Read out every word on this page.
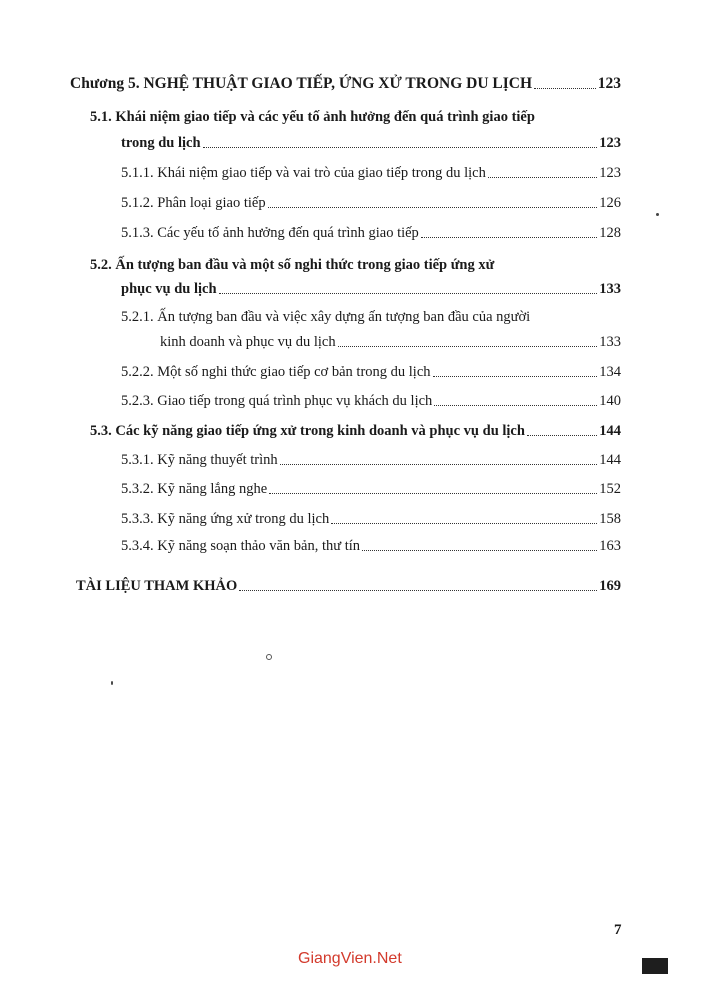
Chương 5. NGHỆ THUẬT GIAO TIẾP, ỨNG XỬ TRONG DU LỊCH	123
5.1. Khái niệm giao tiếp và các yếu tố ảnh hưởng đến quá trình giao tiếp
trong du lịch	123
5.1.1. Khái niệm giao tiếp và vai trò của giao tiếp trong du lịch	123
5.1.2. Phân loại giao tiếp	126
5.1.3. Các yếu tố ảnh hưởng đến quá trình giao tiếp	128
5.2. Ấn tượng ban đầu và một số nghi thức trong giao tiếp ứng xử
phục vụ du lịch	133
5.2.1. Ấn tượng ban đầu và việc xây dựng ấn tượng ban đầu của người
kinh doanh và phục vụ du lịch	133
5.2.2. Một số nghi thức giao tiếp cơ bản trong du lịch	134
5.2.3. Giao tiếp trong quá trình phục vụ khách du lịch	140
5.3. Các kỹ năng giao tiếp ứng xử trong kinh doanh và phục vụ du lịch	144
5.3.1. Kỹ năng thuyết trình	144
5.3.2. Kỹ năng lắng nghe	152
5.3.3. Kỹ năng ứng xử trong du lịch	158
5.3.4. Kỹ năng soạn thảo văn bản, thư tín	163
TÀI LIỆU THAM KHẢO	169
7
GiangVien.Net
